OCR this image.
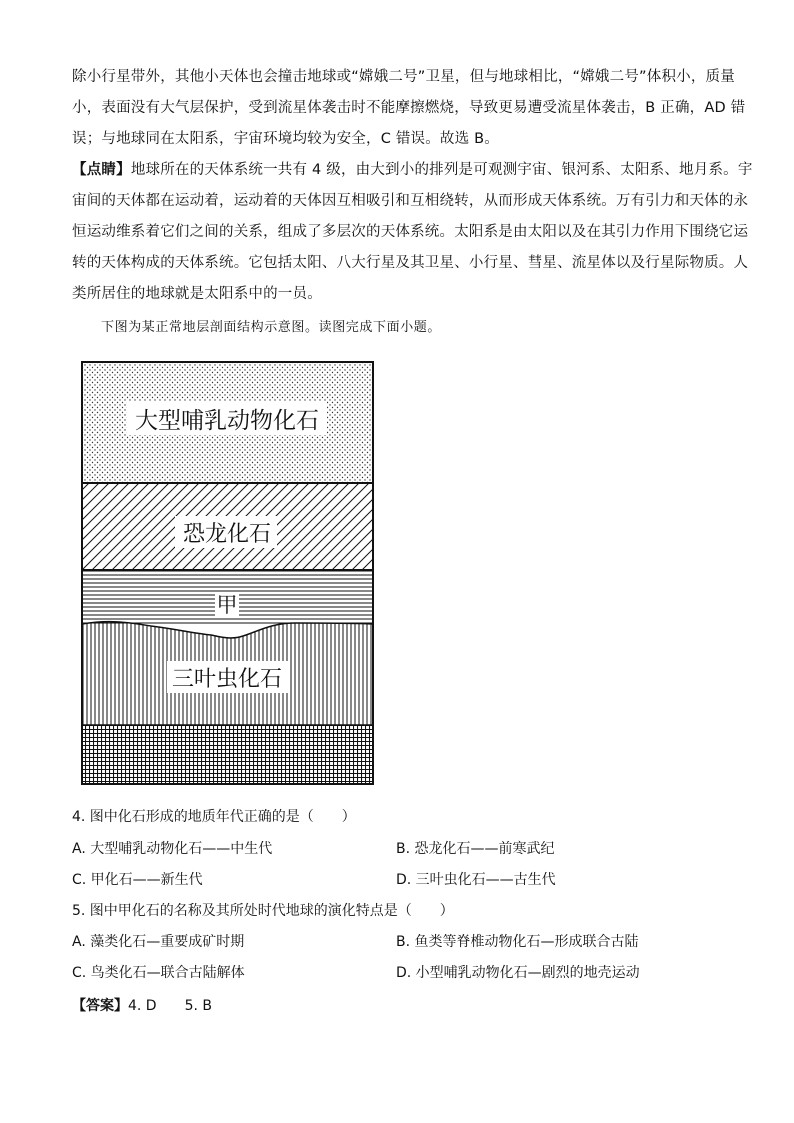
除小行星带外，其他小天体也会撞击地球或“嫦娥二号”卫星，但与地球相比，“嫦娥二号”体积小，质量
小，表面没有大气层保护，受到流星体袭击时不能摩擦燃烧，导致更易遭受流星体袭击，B 正确，AD 错
误；与地球同在太阳系，宇宙环境均较为安全，C 错误。故选 B。
【点睛】地球所在的天体系统一共有 4 级，由大到小的排列是可观测宇宙、银河系、太阳系、地月系。宇
宙间的天体都在运动着，运动着的天体因互相吸引和互相绕转，从而形成天体系统。万有引力和天体的永
恒运动维系着它们之间的关系，组成了多层次的天体系统。太阳系是由太阳以及在其引力作用下围绕它运
转的天体构成的天体系统。它包括太阳、八大行星及其卫星、小行星、彗星、流星体以及行星际物质。人
类所居住的地球就是太阳系中的一员。
下图为某正常地层剖面结构示意图。读图完成下面小题。
大型哺乳动物化石
恐龙化石
甲
三叶虫化石
4. 图中化石形成的地质年代正确的是（　　）
A. 大型哺乳动物化石——中生代	B. 恐龙化石——前寒武纪
C. 甲化石——新生代	D. 三叶虫化石——古生代
5. 图中甲化石的名称及其所处时代地球的演化特点是（　　）
A. 藻类化石—重要成矿时期	B. 鱼类等脊椎动物化石—形成联合古陆
C. 鸟类化石—联合古陆解体	D. 小型哺乳动物化石—剧烈的地壳运动
【答案】4. D　　5. B
